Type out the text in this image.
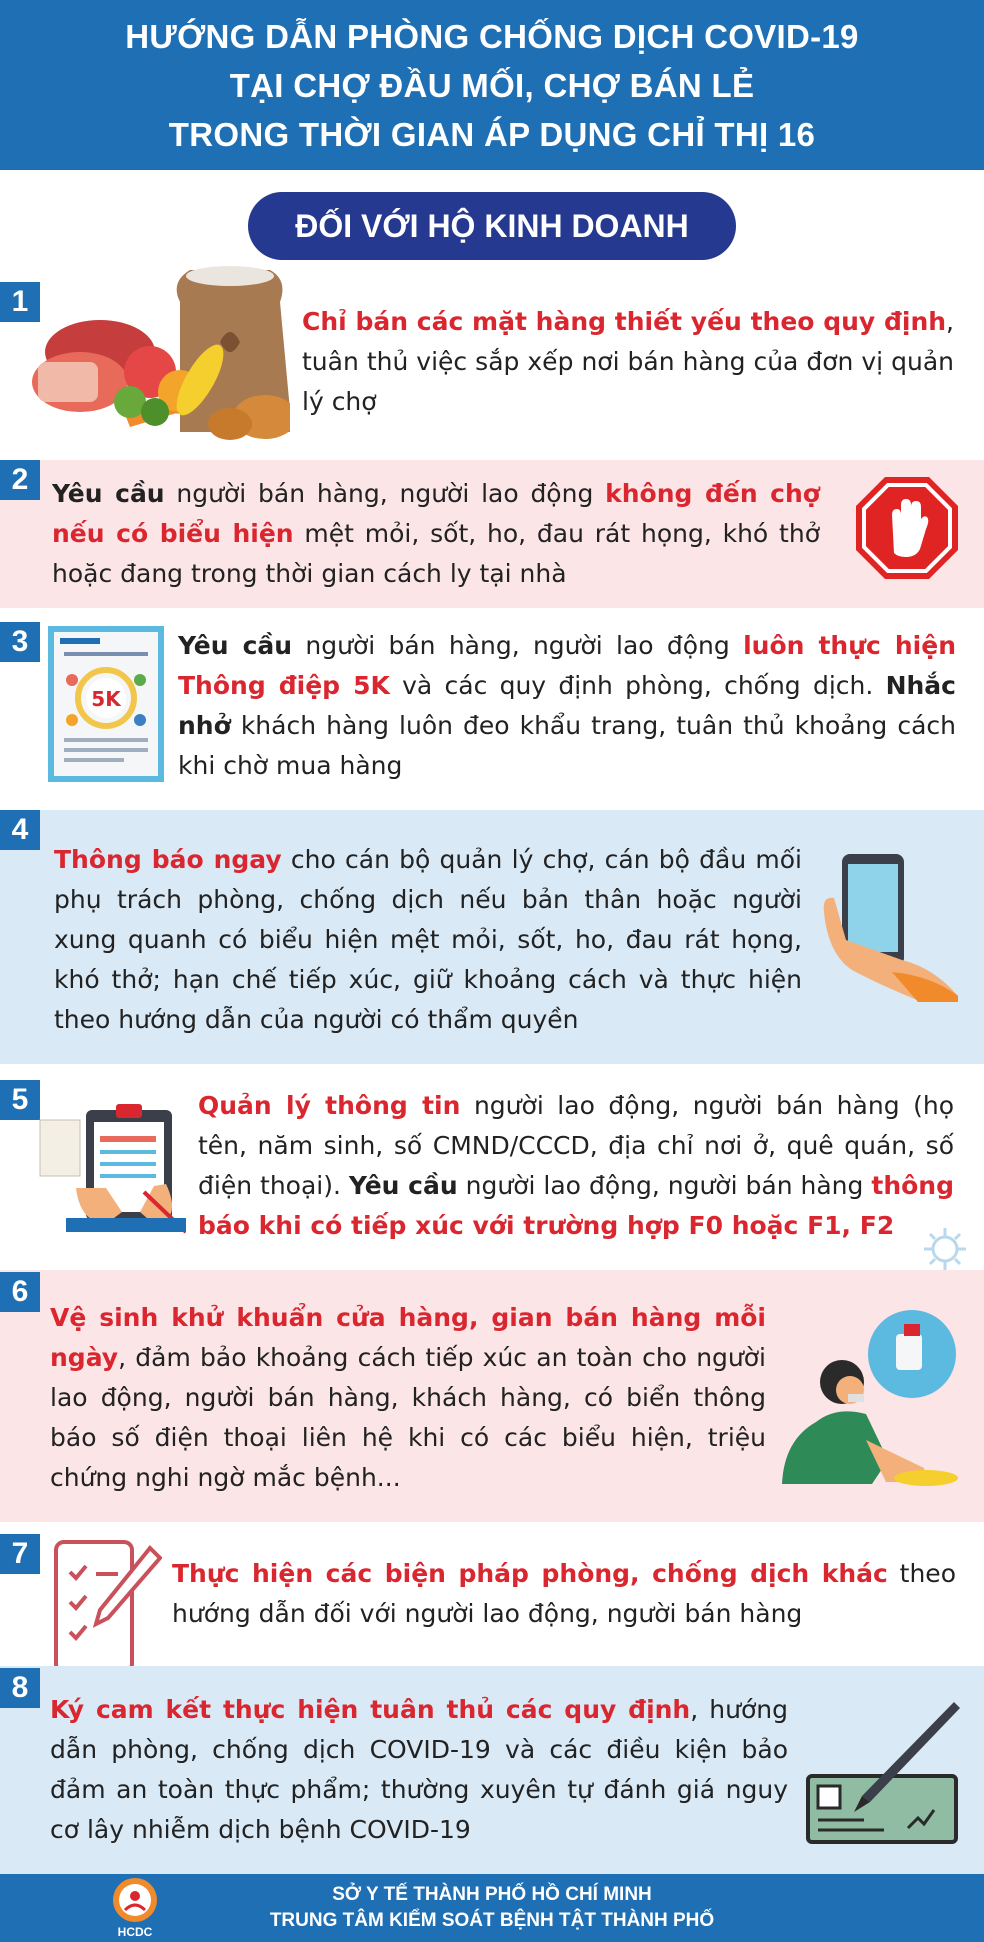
HƯỚNG DẪN PHÒNG CHỐNG DỊCH COVID-19
TẠI CHỢ ĐẦU MỐI, CHỢ BÁN LẺ
TRONG THỜI GIAN ÁP DỤNG CHỈ THỊ 16
ĐỐI VỚI HỘ KINH DOANH
1
Chỉ bán các mặt hàng thiết yếu theo quy định, tuân thủ việc sắp xếp nơi bán hàng của đơn vị quản lý chợ
2 Yêu cầu người bán hàng, người lao động không đến chợ nếu có biểu hiện mệt mỏi, sốt, ho, đau rát họng, khó thở hoặc đang trong thời gian cách ly tại nhà
3
5K
Yêu cầu người bán hàng, người lao động luôn thực hiện Thông điệp 5K và các quy định phòng, chống dịch. Nhắc nhở khách hàng luôn đeo khẩu trang, tuân thủ khoảng cách khi chờ mua hàng
4
Thông báo ngay cho cán bộ quản lý chợ, cán bộ đầu mối phụ trách phòng, chống dịch nếu bản thân hoặc người xung quanh có biểu hiện mệt mỏi, sốt, ho, đau rát họng, khó thở; hạn chế tiếp xúc, giữ khoảng cách và thực hiện theo hướng dẫn của người có thẩm quyền
5	Quản lý thông tin người lao động, người bán hàng (họ tên, năm sinh, số CMND/CCCD, địa chỉ nơi ở, quê quán, số điện thoại). Yêu cầu người lao động, người bán hàng thông báo khi có tiếp xúc với trường hợp F0 hoặc F1, F2
6
Vệ sinh khử khuẩn cửa hàng, gian bán hàng mỗi ngày, đảm bảo khoảng cách tiếp xúc an toàn cho người lao động, người bán hàng, khách hàng, có biển thông báo số điện thoại liên hệ khi có các biểu hiện, triệu chứng nghi ngờ mắc bệnh...
7
Thực hiện các biện pháp phòng, chống dịch khác theo hướng dẫn đối với người lao động, người bán hàng
8
Ký cam kết thực hiện tuân thủ các quy định, hướng dẫn phòng, chống dịch COVID-19 và các điều kiện bảo đảm an toàn thực phẩm; thường xuyên tự đánh giá nguy cơ lây nhiễm dịch bệnh COVID-19
SỞ Y TẾ THÀNH PHỐ HỒ CHÍ MINH
TRUNG TÂM KIỂM SOÁT BỆNH TẬT THÀNH PHỐ
HCDC
